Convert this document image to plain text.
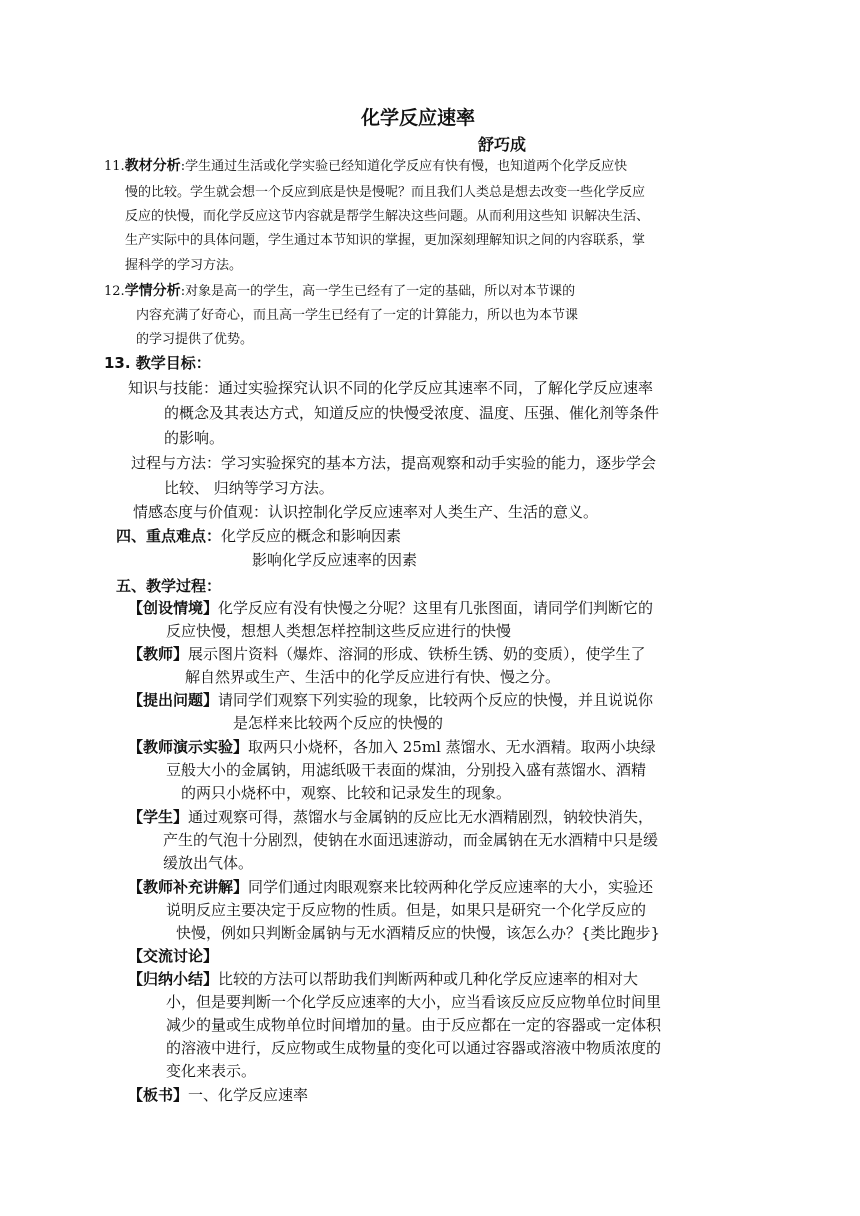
化学反应速率
舒巧成
11.教材分析:学生通过生活或化学实验已经知道化学反应有快有慢，也知道两个化学反应快
慢的比较。学生就会想一个反应到底是快是慢呢？而且我们人类总是想去改变一些化学反应
反应的快慢，而化学反应这节内容就是帮学生解决这些问题。从而利用这些知 识解决生活、
生产实际中的具体问题，学生通过本节知识的掌握，更加深刻理解知识之间的内容联系，掌
握科学的学习方法。
12.学情分析:对象是高一的学生，高一学生已经有了一定的基础，所以对本节课的
内容充满了好奇心，而且高一学生已经有了一定的计算能力，所以也为本节课
的学习提供了优势。
13. 教学目标：
知识与技能：通过实验探究认识不同的化学反应其速率不同，了解化学反应速率
的概念及其表达方式，知道反应的快慢受浓度、温度、压强、催化剂等条件
的影响。
过程与方法：学习实验探究的基本方法，提高观察和动手实验的能力，逐步学会
比较、 归纳等学习方法。
情感态度与价值观：认识控制化学反应速率对人类生产、生活的意义。
四、重点难点：化学反应的概念和影响因素
影响化学反应速率的因素
五、教学过程：
【创设情境】化学反应有没有快慢之分呢？这里有几张图面，请同学们判断它的
反应快慢，想想人类想怎样控制这些反应进行的快慢
【教师】展示图片资料（爆炸、溶洞的形成、铁桥生锈、奶的变质），使学生了
解自然界或生产、生活中的化学反应进行有快、慢之分。
【提出问题】请同学们观察下列实验的现象，比较两个反应的快慢，并且说说你
是怎样来比较两个反应的快慢的
【教师演示实验】取两只小烧杯，各加入 25ml 蒸馏水、无水酒精。取两小块绿
豆般大小的金属钠，用滤纸吸干表面的煤油，分别投入盛有蒸馏水、酒精
的两只小烧杯中，观察、比较和记录发生的现象。
【学生】通过观察可得，蒸馏水与金属钠的反应比无水酒精剧烈，钠较快消失，
产生的气泡十分剧烈，使钠在水面迅速游动，而金属钠在无水酒精中只是缓
缓放出气体。
【教师补充讲解】同学们通过肉眼观察来比较两种化学反应速率的大小，实验还
说明反应主要决定于反应物的性质。但是，如果只是研究一个化学反应的
快慢，例如只判断金属钠与无水酒精反应的快慢，该怎么办？{类比跑步}
【交流讨论】
【归纳小结】比较的方法可以帮助我们判断两种或几种化学反应速率的相对大
小，但是要判断一个化学反应速率的大小，应当看该反应反应物单位时间里
减少的量或生成物单位时间增加的量。由于反应都在一定的容器或一定体积
的溶液中进行，反应物或生成物量的变化可以通过容器或溶液中物质浓度的
变化来表示。
【板书】一、化学反应速率
